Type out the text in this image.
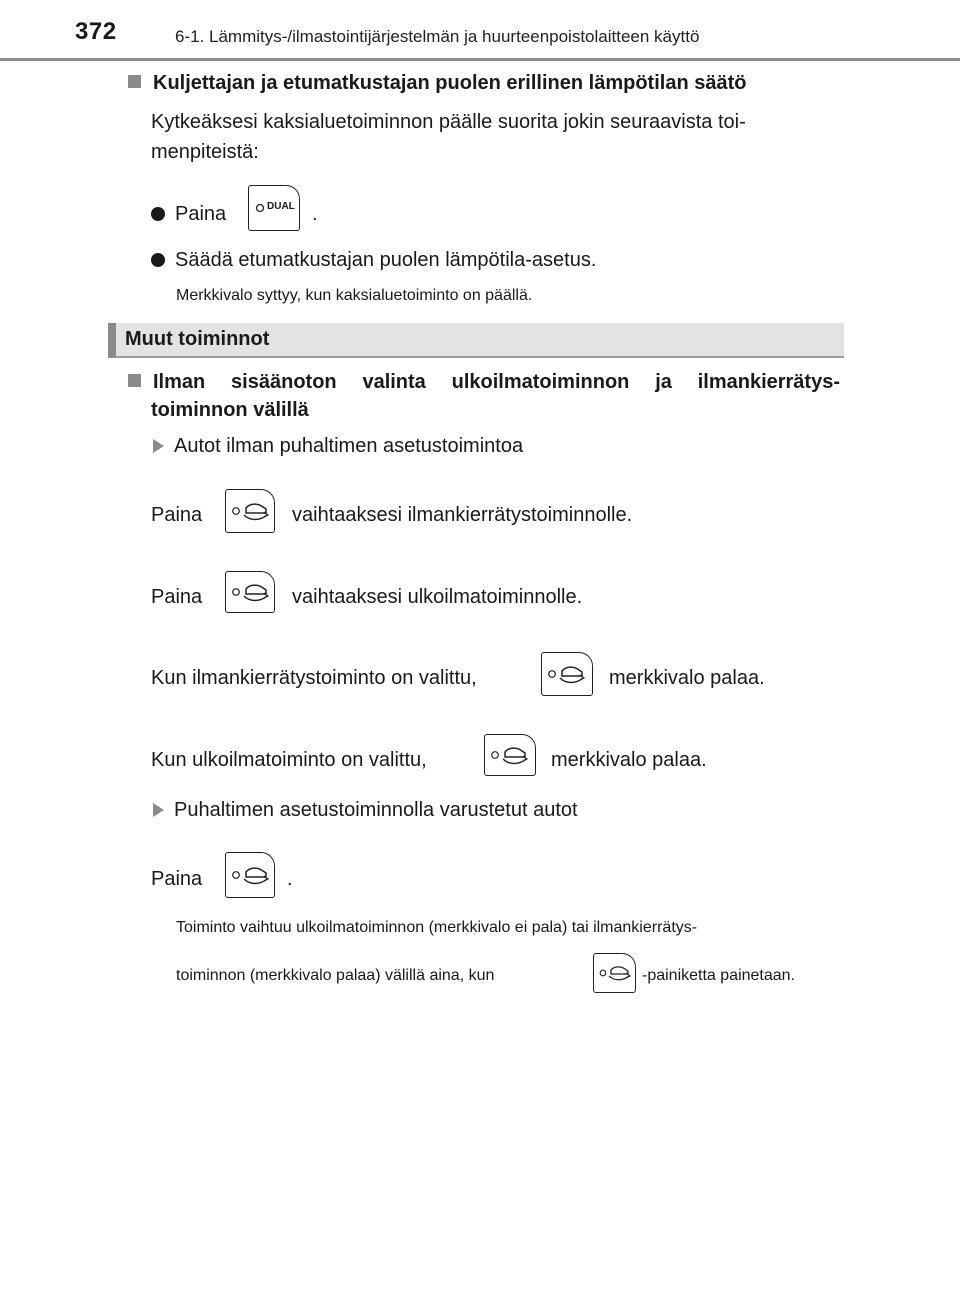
372	6-1. Lämmitys-/ilmastointijärjestelmän ja huurteenpoistolaitteen käyttö
Kuljettajan ja etumatkustajan puolen erillinen lämpötilan säätö
Kytkeäksesi kaksialuetoiminnon päälle suorita jokin seuraavista toi-
menpiteistä:
Paina	DUAL .
Säädä etumatkustajan puolen lämpötila-asetus.
Merkkivalo syttyy, kun kaksialuetoiminto on päällä.
Muut toiminnot
Ilman sisäänoton valinta ulkoilmatoiminnon ja ilmankierrätys-
toiminnon välillä
Autot ilman puhaltimen asetustoimintoa
Paina	vaihtaaksesi ilmankierrätystoiminnolle.
Paina	vaihtaaksesi ulkoilmatoiminnolle.
Kun ilmankierrätystoiminto on valittu,	merkkivalo palaa.
Kun ulkoilmatoiminto on valittu,	merkkivalo palaa.
Puhaltimen asetustoiminnolla varustetut autot
Paina	.
Toiminto vaihtuu ulkoilmatoiminnon (merkkivalo ei pala) tai ilmankierrätys-
toiminnon (merkkivalo palaa) välillä aina, kun	-painiketta painetaan.
